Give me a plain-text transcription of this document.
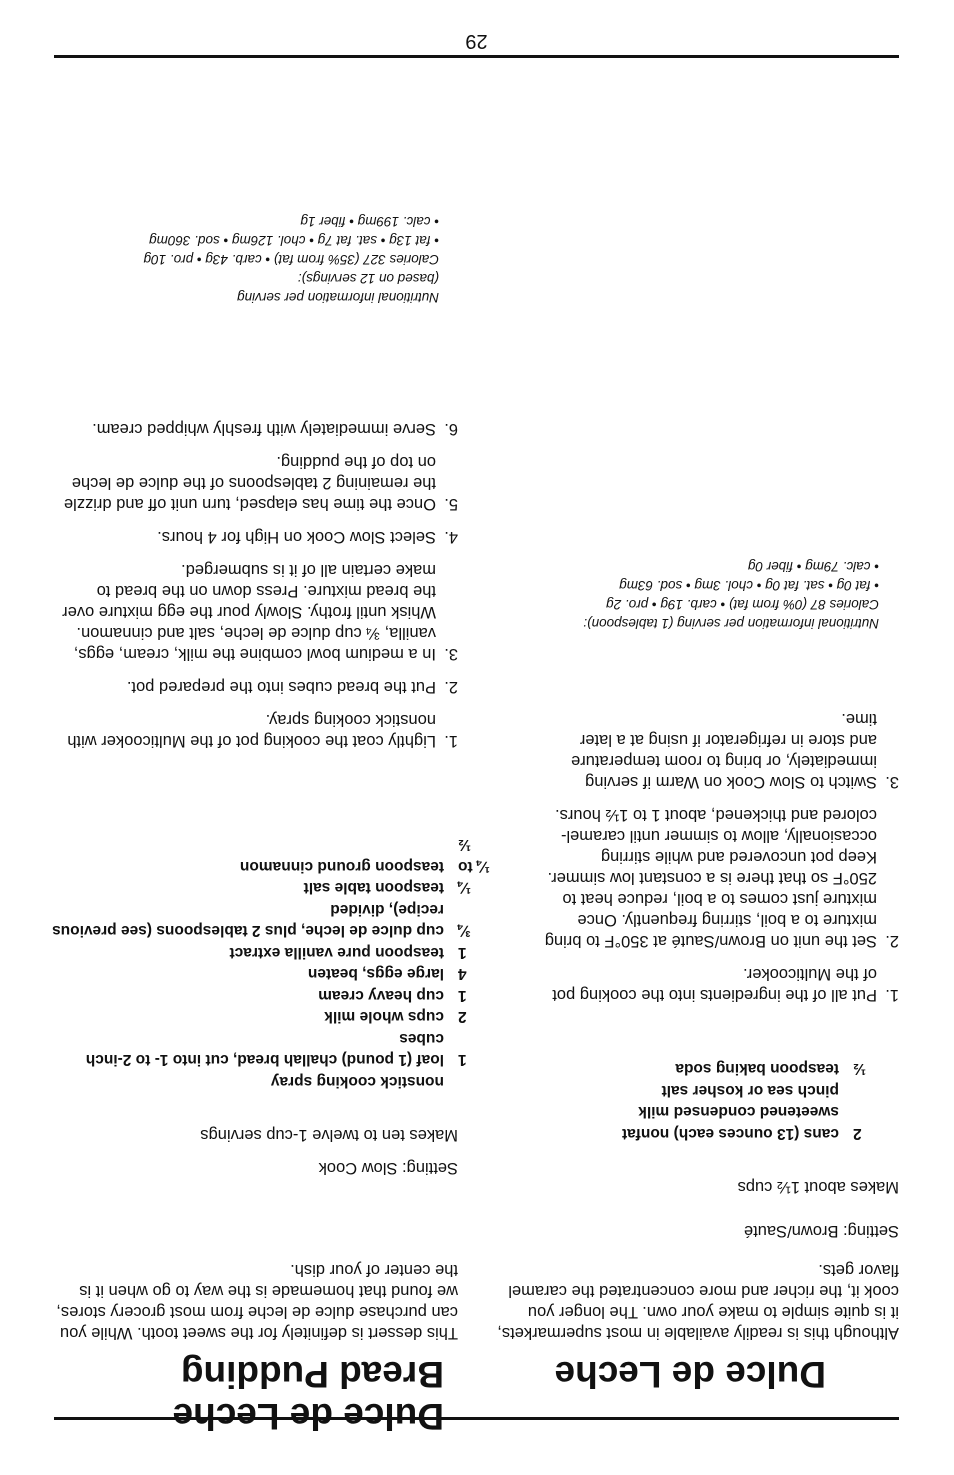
Dulce de Leche
Although this is readily available in most supermarkets, it is quite simple to make your own. The longer you cook it, the richer and more concentrated the caramel flavor gets.
Setting: Brown/Sauté
Makes about 1½ cups
2
cans (13 ounces each) nonfat sweetened condensed milk
pinch sea or kosher salt
½
teaspoon baking soda
1.
Put all of the ingredients into the cooking pot of the Multicooker.
2.
Set the unit on Brown/Sauté at 350°F to bring mixture to a boil, stirring frequently. Once mixture just comes to a boil, reduce heat to 250°F so that there is a constant low simmer. Keep pot uncovered and while stirring occasionally, allow to simmer until caramel-colored and thickened, about 1 to 1½ hours.
3.
Switch to Slow Cook on Warm if serving immediately, or bring to room temperature and store in refrigerator if using at a later time.
Nutritional information per serving (1 tablespoon):
Calories 87 (0% from fat) • carb. 19g • pro. 2g
• fat 0g • sat. fat 0g • chol. 3mg • sod. 63mg
• calc. 79mg • fiber 0g
Dulce de Leche Bread Pudding
This dessert is definitely for the sweet tooth. While you can purchase dulce de leche from most grocery stores, we found that homemade is the way to go when it is the center of your dish.
Setting: Slow Cook
Makes ten to twelve 1-cup servings
nonstick cooking spray
1
loaf (1 pound) challah bread, cut into 1- to 2-inch cubes
2
cups whole milk
1
cup heavy cream
4
large eggs, beaten
1
teaspoon pure vanilla extract
¾
cup dulce de leche, plus 2 tablespoons (see previous recipe), divided
¼
teaspoon table salt
¼ to ½
teaspoon ground cinnamon
1.
Lightly coat the cooking pot of the Multicooker with nonstick cooking spray.
2.
Put the bread cubes into the prepared pot.
3.
In a medium bowl combine the milk, cream, eggs, vanilla, ¾ cup dulce de leche, salt and cinnamon. Whisk until frothy. Slowly pour the egg mixture over the bread mixture. Press down on the bread to make certain all of it is submerged.
4.
Select Slow Cook on High for 4 hours.
5.
Once the time has elapsed, turn unit off and drizzle the remaining 2 tablespoons of the dulce de leche on top of the pudding.
6.
Serve immediately with freshly whipped cream.
Nutritional information per serving
(based on 12 servings):
Calories 327 (35% from fat) • carb. 43g • pro. 10g
• fat 13g • sat. fat 7g • chol. 126mg • sod. 360mg
• calc. 199mg • fiber 1g
29
